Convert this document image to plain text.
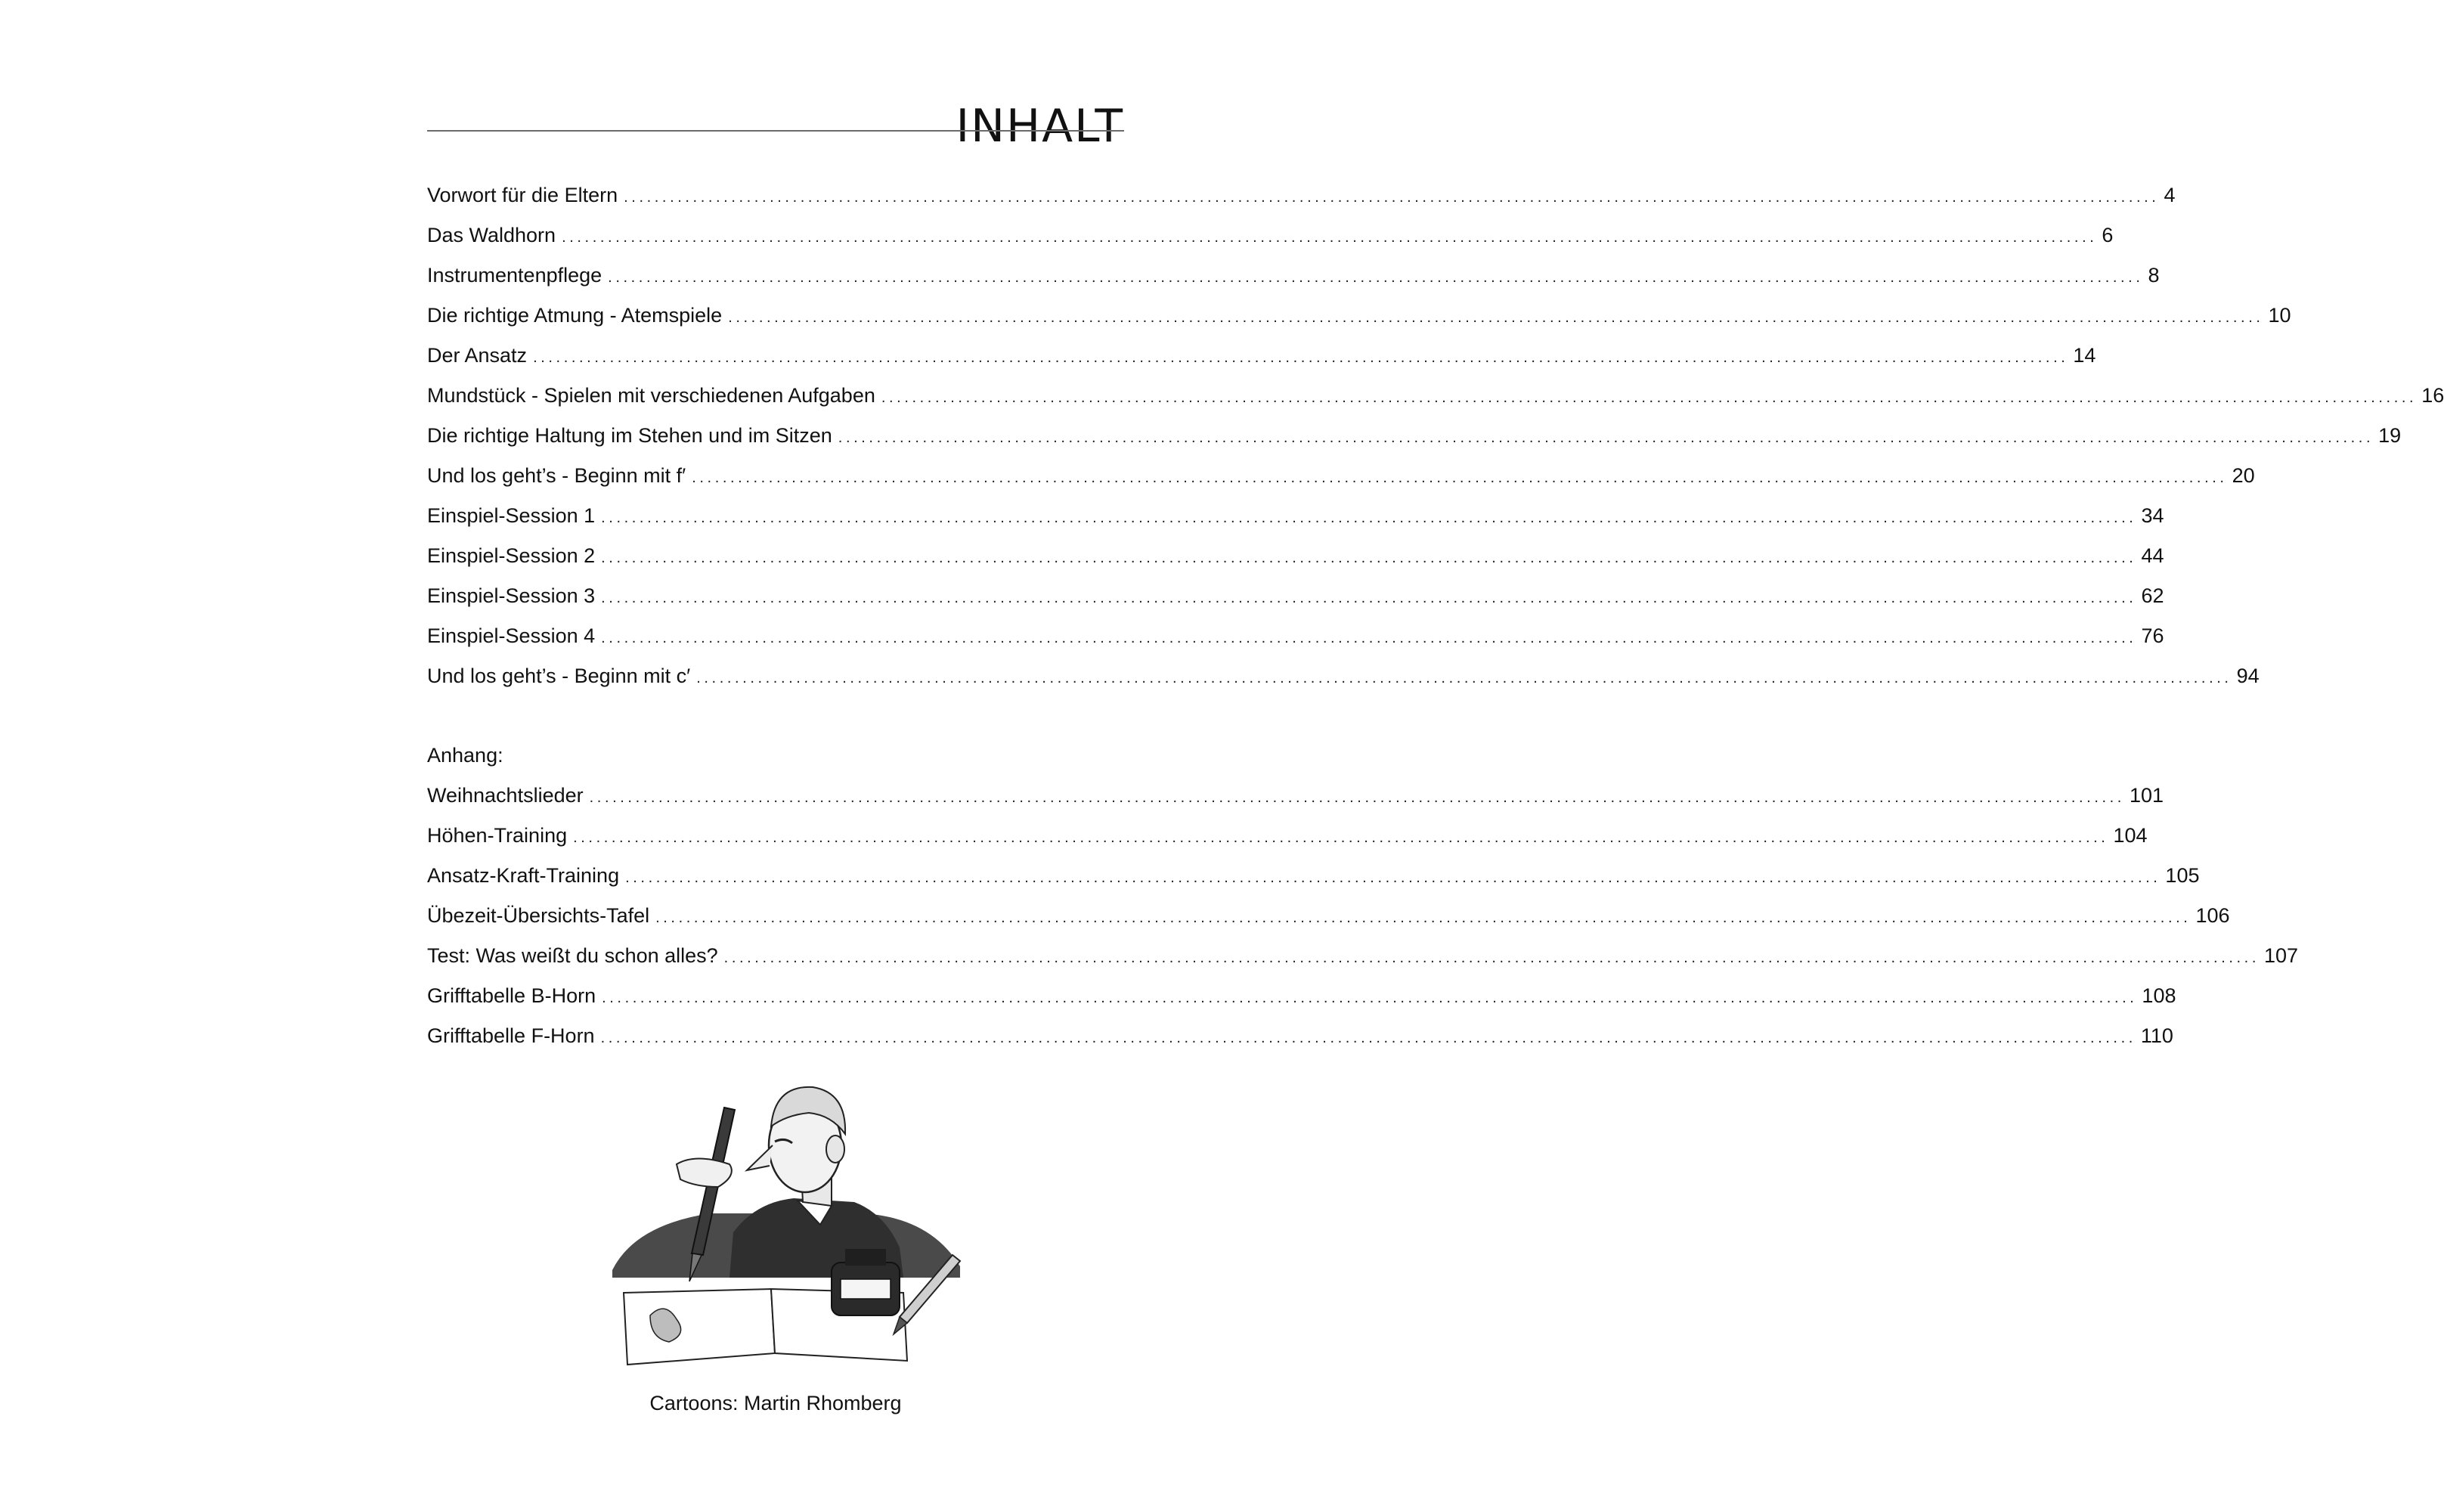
INHALT
Vorwort für die Eltern ........................................................................................................................................................................................................ 4
Das Waldhorn ........................................................................................................................................................................................................ 6
Instrumentenpflege ........................................................................................................................................................................................................ 8
Die richtige Atmung - Atemspiele ........................................................................................................................................................................................................ 10
Der Ansatz ........................................................................................................................................................................................................ 14
Mundstück - Spielen mit verschiedenen Aufgaben ........................................................................................................................................................................................................ 16
Die richtige Haltung im Stehen und im Sitzen ........................................................................................................................................................................................................ 19
Und los geht’s - Beginn mit f′ ........................................................................................................................................................................................................ 20
Einspiel-Session 1 ........................................................................................................................................................................................................ 34
Einspiel-Session 2 ........................................................................................................................................................................................................ 44
Einspiel-Session 3 ........................................................................................................................................................................................................ 62
Einspiel-Session 4 ........................................................................................................................................................................................................ 76
Und los geht’s - Beginn mit c′ ........................................................................................................................................................................................................ 94
Anhang:
Weihnachtslieder ........................................................................................................................................................................................................ 101
Höhen-Training ........................................................................................................................................................................................................ 104
Ansatz-Kraft-Training ........................................................................................................................................................................................................ 105
Übezeit-Übersichts-Tafel ........................................................................................................................................................................................................ 106
Test: Was weißt du schon alles? ........................................................................................................................................................................................................ 107
Grifftabelle B-Horn ........................................................................................................................................................................................................ 108
Grifftabelle F-Horn ........................................................................................................................................................................................................ 110
Cartoons: Martin Rhomberg
